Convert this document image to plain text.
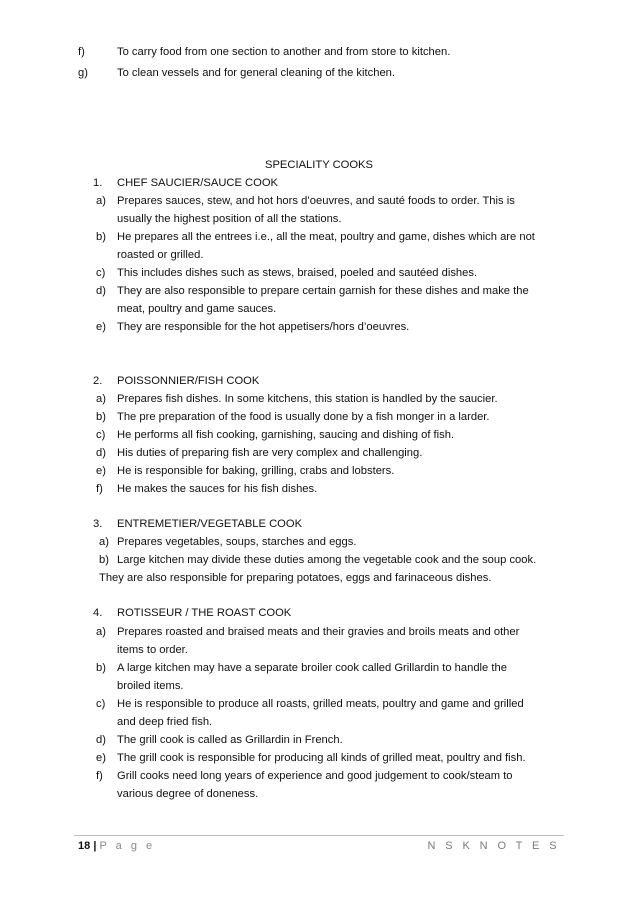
f)	To carry food from one section to another and from store to kitchen.
g)	To clean vessels and for general cleaning of the kitchen.
SPECIALITY COOKS
1. CHEF SAUCIER/SAUCE COOK
a) Prepares sauces, stew, and hot hors d’oeuvres, and sauté foods to order. This is
usually the highest position of all the stations.
b) He prepares all the entrees i.e., all the meat, poultry and game, dishes which are not
roasted or grilled.
c) This includes dishes such as stews, braised, poeled and sautéed dishes.
d) They are also responsible to prepare certain garnish for these dishes and make the
meat, poultry and game sauces.
e) They are responsible for the hot appetisers/hors d’oeuvres.
2. POISSONNIER/FISH COOK
a) Prepares fish dishes. In some kitchens, this station is handled by the saucier.
b) The pre preparation of the food is usually done by a fish monger in a larder.
c) He performs all fish cooking, garnishing, saucing and dishing of fish.
d) His duties of preparing fish are very complex and challenging.
e) He is responsible for baking, grilling, crabs and lobsters.
f) He makes the sauces for his fish dishes.
3. ENTREMETIER/VEGETABLE COOK
a) Prepares vegetables, soups, starches and eggs.
b) Large kitchen may divide these duties among the vegetable cook and the soup cook.
They are also responsible for preparing potatoes, eggs and farinaceous dishes.
4. ROTISSEUR / THE ROAST COOK
a) Prepares roasted and braised meats and their gravies and broils meats and other
items to order.
b) A large kitchen may have a separate broiler cook called Grillardin to handle the
broiled items.
c) He is responsible to produce all roasts, grilled meats, poultry and game and grilled
and deep fried fish.
d) The grill cook is called as Grillardin in French.
e) The grill cook is responsible for producing all kinds of grilled meat, poultry and fish.
f) Grill cooks need long years of experience and good judgement to cook/steam to
various degree of doneness.
18 | P a g e	N S K N O T E S
